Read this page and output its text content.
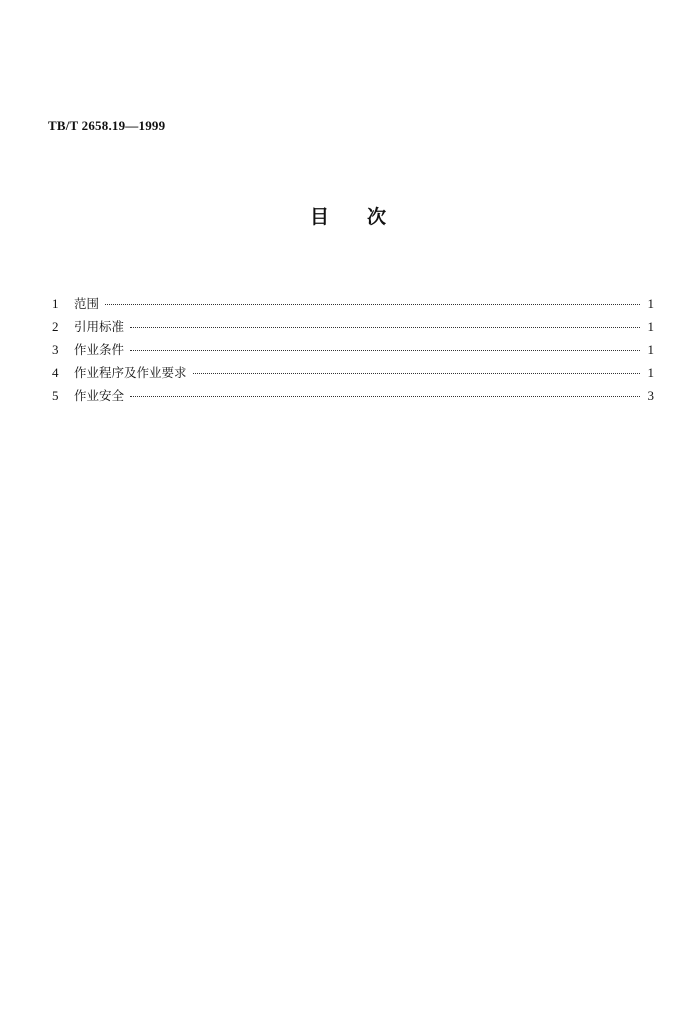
TB/T 2658.19—1999
目 次
1	范围	1
2	引用标准	1
3	作业条件	1
4	作业程序及作业要求	1
5	作业安全	3
